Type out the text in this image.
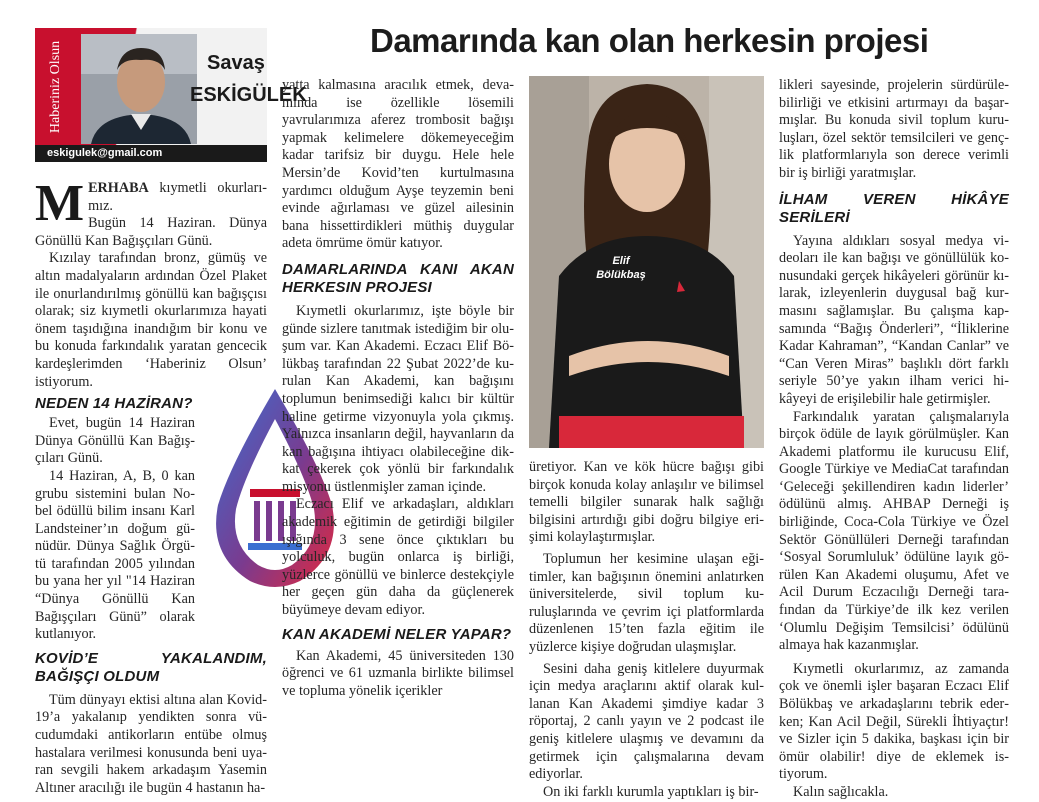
Haberiniz Olsun	Savaş
ESKİGÜLEK
eskigulek@gmail.com
Damarında kan olan herkesin projesi

MERHABA kıymetli okurlarımız.

Bugün 14 Haziran. Dünya Gönüllü Kan Bağışçıları Günü.

Kızılay tarafından bronz, gümüş ve altın madalyaların ardından Özel Plaket ile onurlandırılmış gönüllü kan bağışçısı olarak; siz kıymetli okurlarımıza hayati önem taşıdığına inandığım bir konu ve bu konuda farkındalık yaratan gencecik kardeşlerimden ‘Haberiniz Olsun’ istiyorum.

NEDEN 14 HAZİRAN?

Evet, bugün 14 Haziran Dünya Gönüllü Kan Bağışçıları Günü.

14 Haziran, A, B, 0 kan grubu sistemini bulan Nobel ödüllü bilim insanı Karl Landsteiner’ın doğum günüdür. Dünya Sağlık Örgütü tarafından 2005 yılından bu yana her yıl "14 Haziran “Dünya Gönüllü Kan Bağışçıları Günü” olarak kutlanıyor.

KOVİD’E YAKALANDIM, BAĞIŞÇI OLDUM

Tüm dünyayı ektisi altına alan Kovid-19’a yakalanıp yendikten sonra vücudumdaki antikorların entübe olmuş hastalara verilmesi konusunda beni uyaran sevgili hakem arkadaşım Yasemin Altıner aracılığı ile bugün 4 hastanın ha-

yatta kalmasına aracılık etmek, devamında ise özellikle lösemili yavrularımıza aferez trombosit bağışı yapmak kelimelere dökemeyeceğim kadar tarifsiz bir duygu. Hele hele Mersin’de Kovid’ten kurtulmasına yardımcı olduğum Ayşe teyzemin beni evinde ağırlaması ve güzel ailesinin bana hissettirdikleri müthiş duygular adeta ömrüme ömür katıyor.

DAMARLARINDA KANI AKAN HERKESIN PROJESI

Kıymetli okurlarımız, işte böyle bir günde sizlere tanıtmak istediğim bir oluşum var. Kan Akademi. Eczacı Elif Bölükbaş tarafından 22 Şubat 2022’de kurulan Kan Akademi, kan bağışını toplumun benimsediği kalıcı bir kültür haline getirme vizyonuyla yola çıkmış. Yalnızca insanların değil, hayvanların da kan bağışına ihtiyacı olabileceğine dikkat çekerek çok yönlü bir farkındalık misyonu üstlenmişler zaman içinde.

Eczacı Elif ve arkadaşları, aldıkları akademik eğitimin de getirdiği bilgiler ışığında 3 sene önce çıktıkları bu yolculuk, bugün onlarca iş birliği, yüzlerce gönüllü ve binlerce destekçiyle her geçen gün daha da güçlenerek büyümeye devam ediyor.

KAN AKADEMİ NELER YAPAR?

Kan Akademi, 45 üniversiteden 130 öğrenci ve 61 uzmanla birlikte bilimsel ve topluma yönelik içerikler

Elif
Bölükbaş

üretiyor. Kan ve kök hücre bağışı gibi birçok konuda kolay anlaşılır ve bilimsel temelli bilgiler sunarak halk sağlığı bilgisini artırdığı gibi doğru bilgiye erişimi kolaylaştırmışlar.

Toplumun her kesimine ulaşan eğitimler, kan bağışının önemini anlatırken üniversitelerde, sivil toplum kuruluşlarında ve çevrim içi platformlarda düzenlenen 15’ten fazla eğitim ile yüzlerce kişiye doğrudan ulaşmışlar.

Sesini daha geniş kitlelere duyurmak için medya araçlarını aktif olarak kullanan Kan Akademi şimdiye kadar 3 röportaj, 2 canlı yayın ve 2 podcast ile geniş kitlelere ulaşmış ve devamını da getirmek için çalışmalarına devam ediyorlar.

On iki farklı kurumla yaptıkları iş bir-

likleri sayesinde, projelerin sürdürülebilirliği ve etkisini artırmayı da başarmışlar. Bu konuda sivil toplum kuruluşları, özel sektör temsilcileri ve gençlik platformlarıyla son derece verimli bir iş birliği yaratmışlar.

İLHAM VEREN HİKÂYE SERİLERİ

Yayına aldıkları sosyal medya videoları ile kan bağışı ve gönüllülük konusundaki gerçek hikâyeleri görünür kılarak, izleyenlerin duygusal bağ kurmasını sağlamışlar. Bu çalışma kapsamında “Bağış Önderleri”, “İliklerine Kadar Kahraman”, “Kandan Canlar” ve “Can Veren Miras” başlıklı dört farklı seriyle 50’ye yakın ilham verici hikâyeyi de erişilebilir hale getirmişler.

Farkındalık yaratan çalışmalarıyla birçok ödüle de layık görülmüşler. Kan Akademi platformu ile kurucusu Elif, Google Türkiye ve MediaCat tarafından ‘Geleceği şekillendiren kadın liderler’ ödülünü almış. AHBAP Derneği iş birliğinde, Coca-Cola Türkiye ve Özel Sektör Gönüllüleri Derneği tarafından ‘Sosyal Sorumluluk’ ödülüne layık görülen Kan Akademi oluşumu, Afet ve Acil Durum Eczacılığı Derneği tarafından da Türkiye’de ilk kez verilen ‘Olumlu Değişim Temsilcisi’ ödülünü almaya hak kazanmışlar.

Kıymetli okurlarımız, az zamanda çok ve önemli işler başaran Eczacı Elif Bölükbaş ve arkadaşlarını tebrik ederken; Kan Acil Değil, Sürekli İhtiyaçtır! ve Sizler için 5 dakika, başkası için bir ömür olabilir! diye de eklemek istiyorum.

Kalın sağlıcakla.
